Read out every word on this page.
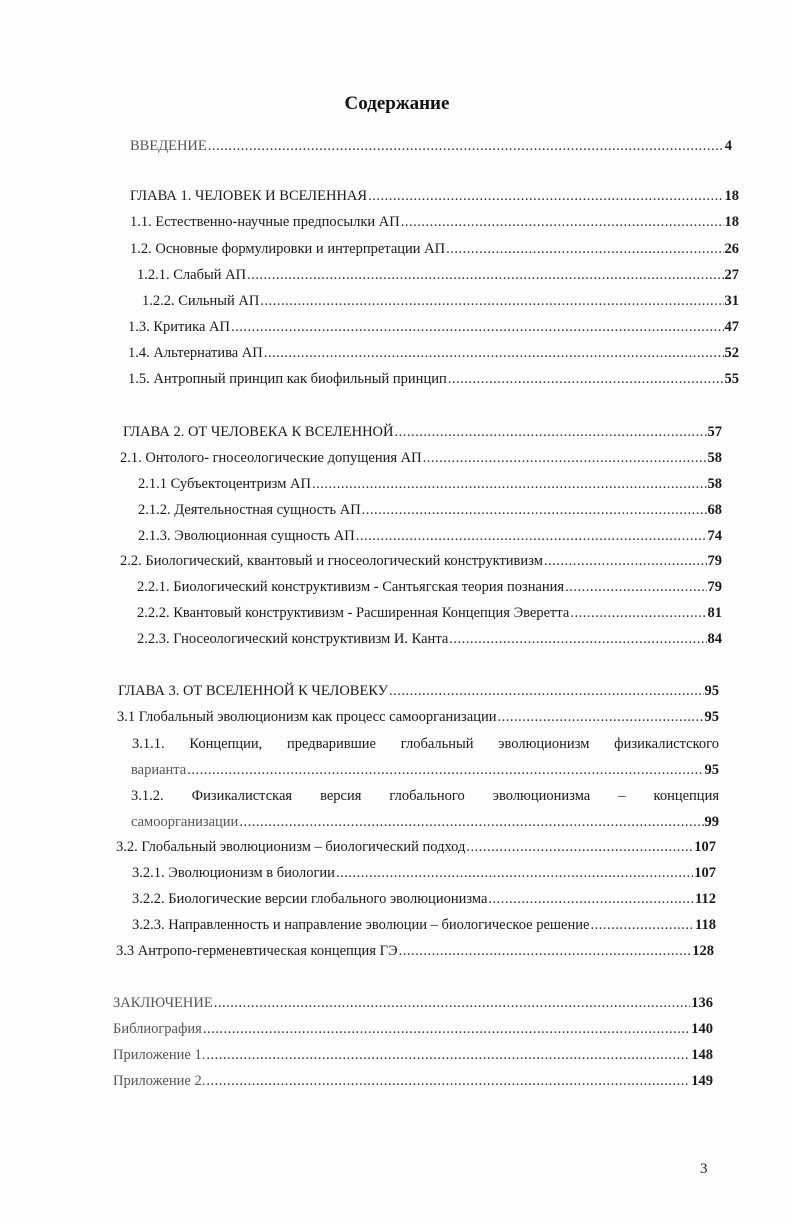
Содержание
ВВЕДЕНИЕ .....	4
ГЛАВА 1. ЧЕЛОВЕК И ВСЕЛЕННАЯ .....	18
1.1. Естественно-научные предпосылки АП .....	18
1.2. Основные формулировки и интерпретации АП .....	26
1.2.1. Слабый АП .....	27
1.2.2. Сильный АП .....	31
1.3. Критика АП .....	47
1.4. Альтернатива АП .....	52
1.5. Антропный принцип как биофильный принцип .....	55
ГЛАВА 2. ОТ ЧЕЛОВЕКА К ВСЕЛЕННОЙ .....	57
2.1. Онтолого- гносеологические допущения АП .....	58
2.1.1 Субъектоцентризм АП .....	58
2.1.2. Деятельностная сущность АП .....	68
2.1.3. Эволюционная сущность АП .....	74
2.2. Биологический, квантовый и гносеологический конструктивизм .....	79
2.2.1. Биологический конструктивизм - Сантьягская теория познания .....	79
2.2.2. Квантовый конструктивизм - Расширенная Концепция Эверетта .....	81
2.2.3. Гносеологический конструктивизм И. Канта .....	84
ГЛАВА 3. ОТ ВСЕЛЕННОЙ К ЧЕЛОВЕКУ .....	95
3.1 Глобальный эволюционизм как процесс самоорганизации .....	95
3.1.1. Концепции, предварившие глобальный эволюционизм физикалистского
варианта .....	95
3.1.2. Физикалистская версия глобального эволюционизма – концепция
самоорганизации .....	99
3.2. Глобальный эволюционизм – биологический подход .....	107
3.2.1. Эволюционизм в биологии .....	107
3.2.2. Биологические версии глобального эволюционизма .....	112
3.2.3. Направленность и направление эволюции – биологическое решение .....	118
3.3 Антропо-герменевтическая концепция ГЭ .....	128
ЗАКЛЮЧЕНИЕ .....	136
Библиография .....	140
Приложение 1. .....	148
Приложение 2. .....	149
3
